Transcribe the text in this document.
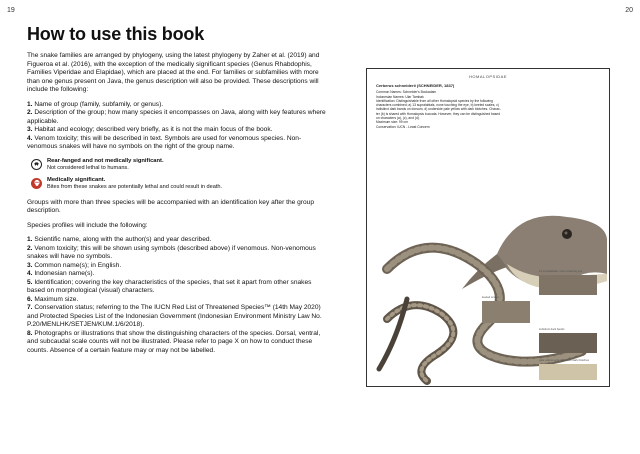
19	20
How to use this book

The snake families are arranged by phylogeny, using the latest phylogeny by Zaher et al. (2019) and Figueroa et al. (2016), with the exception of the medically significant species (Genus Rhabdophis, Families Viperidae and Elapidae), which are placed at the end. For families or subfamilies with more than one genus present on Java, the genus description will also be provided. These descriptions will include the following:

1. Name of group (family, subfamily, or genus).
2. Description of the group; how many species it encompasses on Java, along with key features where applicable.
3. Habitat and ecology; described very briefly, as it is not the main focus of the book.
4. Venom toxicity; this will be described in text. Symbols are used for venomous species. Non-venomous snakes will have no symbols on the right of the group name.
Rear-fanged and not medically significant.
Not considered lethal to humans.
Medically significant.
Bites from these snakes are potentially lethal and could result in death.

Groups with more than three species will be accompanied with an identification key after the group description.

Species profiles will include the following:

1. Scientific name, along with the author(s) and year described.
2. Venom toxicity; this will be shown using symbols (described above) if venomous. Non-venomous snakes will have no symbols.
3. Common name(s); in English.
4. Indonesian name(s).
5. Identification; covering the key characteristics of the species, that set it apart from other snakes based on morphological (visual) characters.
6. Maximum size.
7. Conservation status; referring to the The IUCN Red List of Threatened Species™ (14th May 2020) and Protected Species List of the Indonesian Government (Indonesian Environment Ministry Law No. P.20/MENLHK/SETJEN/KUM.1/6/2018).
8. Photographs or illustrations that show the distinguishing characters of the species. Dorsal, ventral, and subcaudal scale counts will not be illustrated. Please refer to page X on how to conduct these counts. Absence of a certain feature may or may not be labelled.
HOMALOPSIDAE
Cerberus schneiderii (SCHNEIDER, 1837)
Common Names: Schneider's Bockadam
Indonesian Names: Ular Tambak
Identification: Distinguishable from all other Homalopsid species by the following
characters combined; a) 13 supralabials, none touching the eye, b) keeled scales, c)
indistinct dark bands on dorsum, d) underside pale yellow with dark blotches. Charac-
ter (b) is shared with Homalopsis buccata. However, they can be distinguished based
on characters (a), (c), and (d).
Maximum size: 99 cm
Conservation: IUCN - Least Concern
13 supralabials, none touching eye
keeled scales
indistinct dark bands
pale yellow underside with dark blotches
